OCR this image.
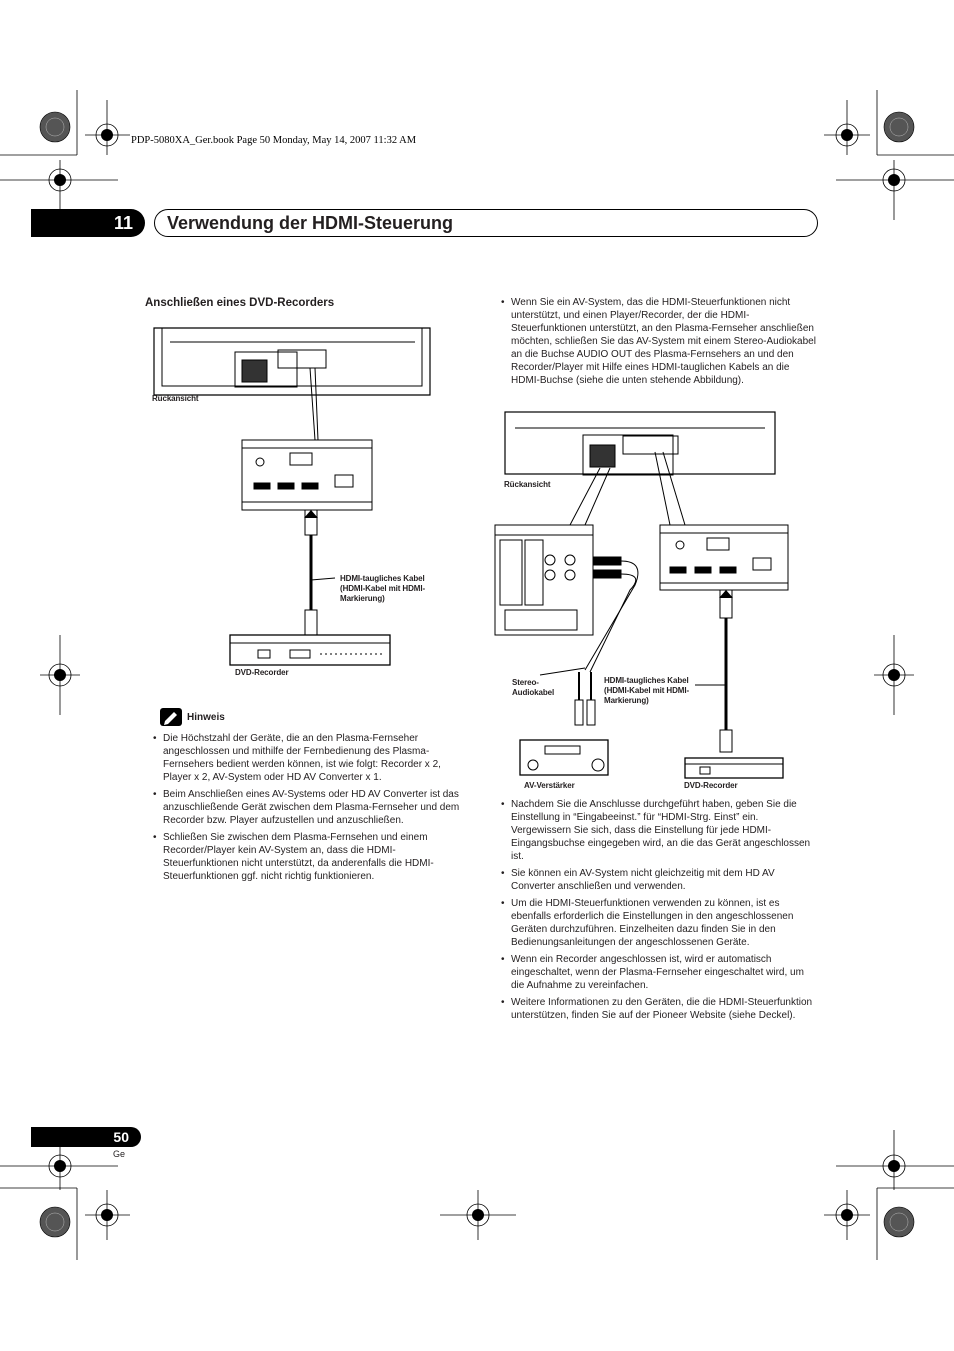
PDP-5080XA_Ger.book Page 50 Monday, May 14, 2007 11:32 AM
11	Verwendung der HDMI-Steuerung
Anschließen eines DVD-Recorders
Rückansicht
HDMI-taugliches Kabel (HDMI-Kabel mit HDMI-Markierung)
DVD-Recorder
Hinweis
• Die Höchstzahl der Geräte, die an den Plasma-Fernseher angeschlossen und mithilfe der Fernbedienung des Plasma-Fernsehers bedient werden können, ist wie folgt: Recorder x 2, Player x 2, AV-System oder HD AV Converter x 1.
• Beim Anschließen eines AV-Systems oder HD AV Converter ist das anzuschließende Gerät zwischen dem Plasma-Fernseher und dem Recorder bzw. Player aufzustellen und anzuschließen.
• Schließen Sie zwischen dem Plasma-Fernsehen und einem Recorder/Player kein AV-System an, dass die HDMI-Steuerfunktionen nicht unterstützt, da anderenfalls die HDMI-Steuerfunktionen ggf. nicht richtig funktionieren.
• Wenn Sie ein AV-System, das die HDMI-Steuerfunktionen nicht unterstützt, und einen Player/Recorder, der die HDMI-Steuerfunktionen unterstützt, an den Plasma-Fernseher anschließen möchten, schließen Sie das AV-System mit einem Stereo-Audiokabel an die Buchse AUDIO OUT des Plasma-Fernsehers an und den Recorder/Player mit Hilfe eines HDMI-tauglichen Kabels an die HDMI-Buchse (siehe die unten stehende Abbildung).
Rückansicht
Stereo-Audiokabel
HDMI-taugliches Kabel (HDMI-Kabel mit HDMI-Markierung)
AV-Verstärker	DVD-Recorder
• Nachdem Sie die Anschlusse durchgeführt haben, geben Sie die Einstellung in “Eingabeeinst.” für “HDMI-Strg. Einst” ein. Vergewissern Sie sich, dass die Einstellung für jede HDMI-Eingangsbuchse eingegeben wird, an die das Gerät angeschlossen ist.
• Sie können ein AV-System nicht gleichzeitig mit dem HD AV Converter anschließen und verwenden.
• Um die HDMI-Steuerfunktionen verwenden zu können, ist es ebenfalls erforderlich die Einstellungen in den angeschlossenen Geräten durchzuführen. Einzelheiten dazu finden Sie in den Bedienungsanleitungen der angeschlossenen Geräte.
• Wenn ein Recorder angeschlossen ist, wird er automatisch eingeschaltet, wenn der Plasma-Fernseher eingeschaltet wird, um die Aufnahme zu vereinfachen.
• Weitere Informationen zu den Geräten, die die HDMI-Steuerfunktion unterstützen, finden Sie auf der Pioneer Website (siehe Deckel).
50
Ge
